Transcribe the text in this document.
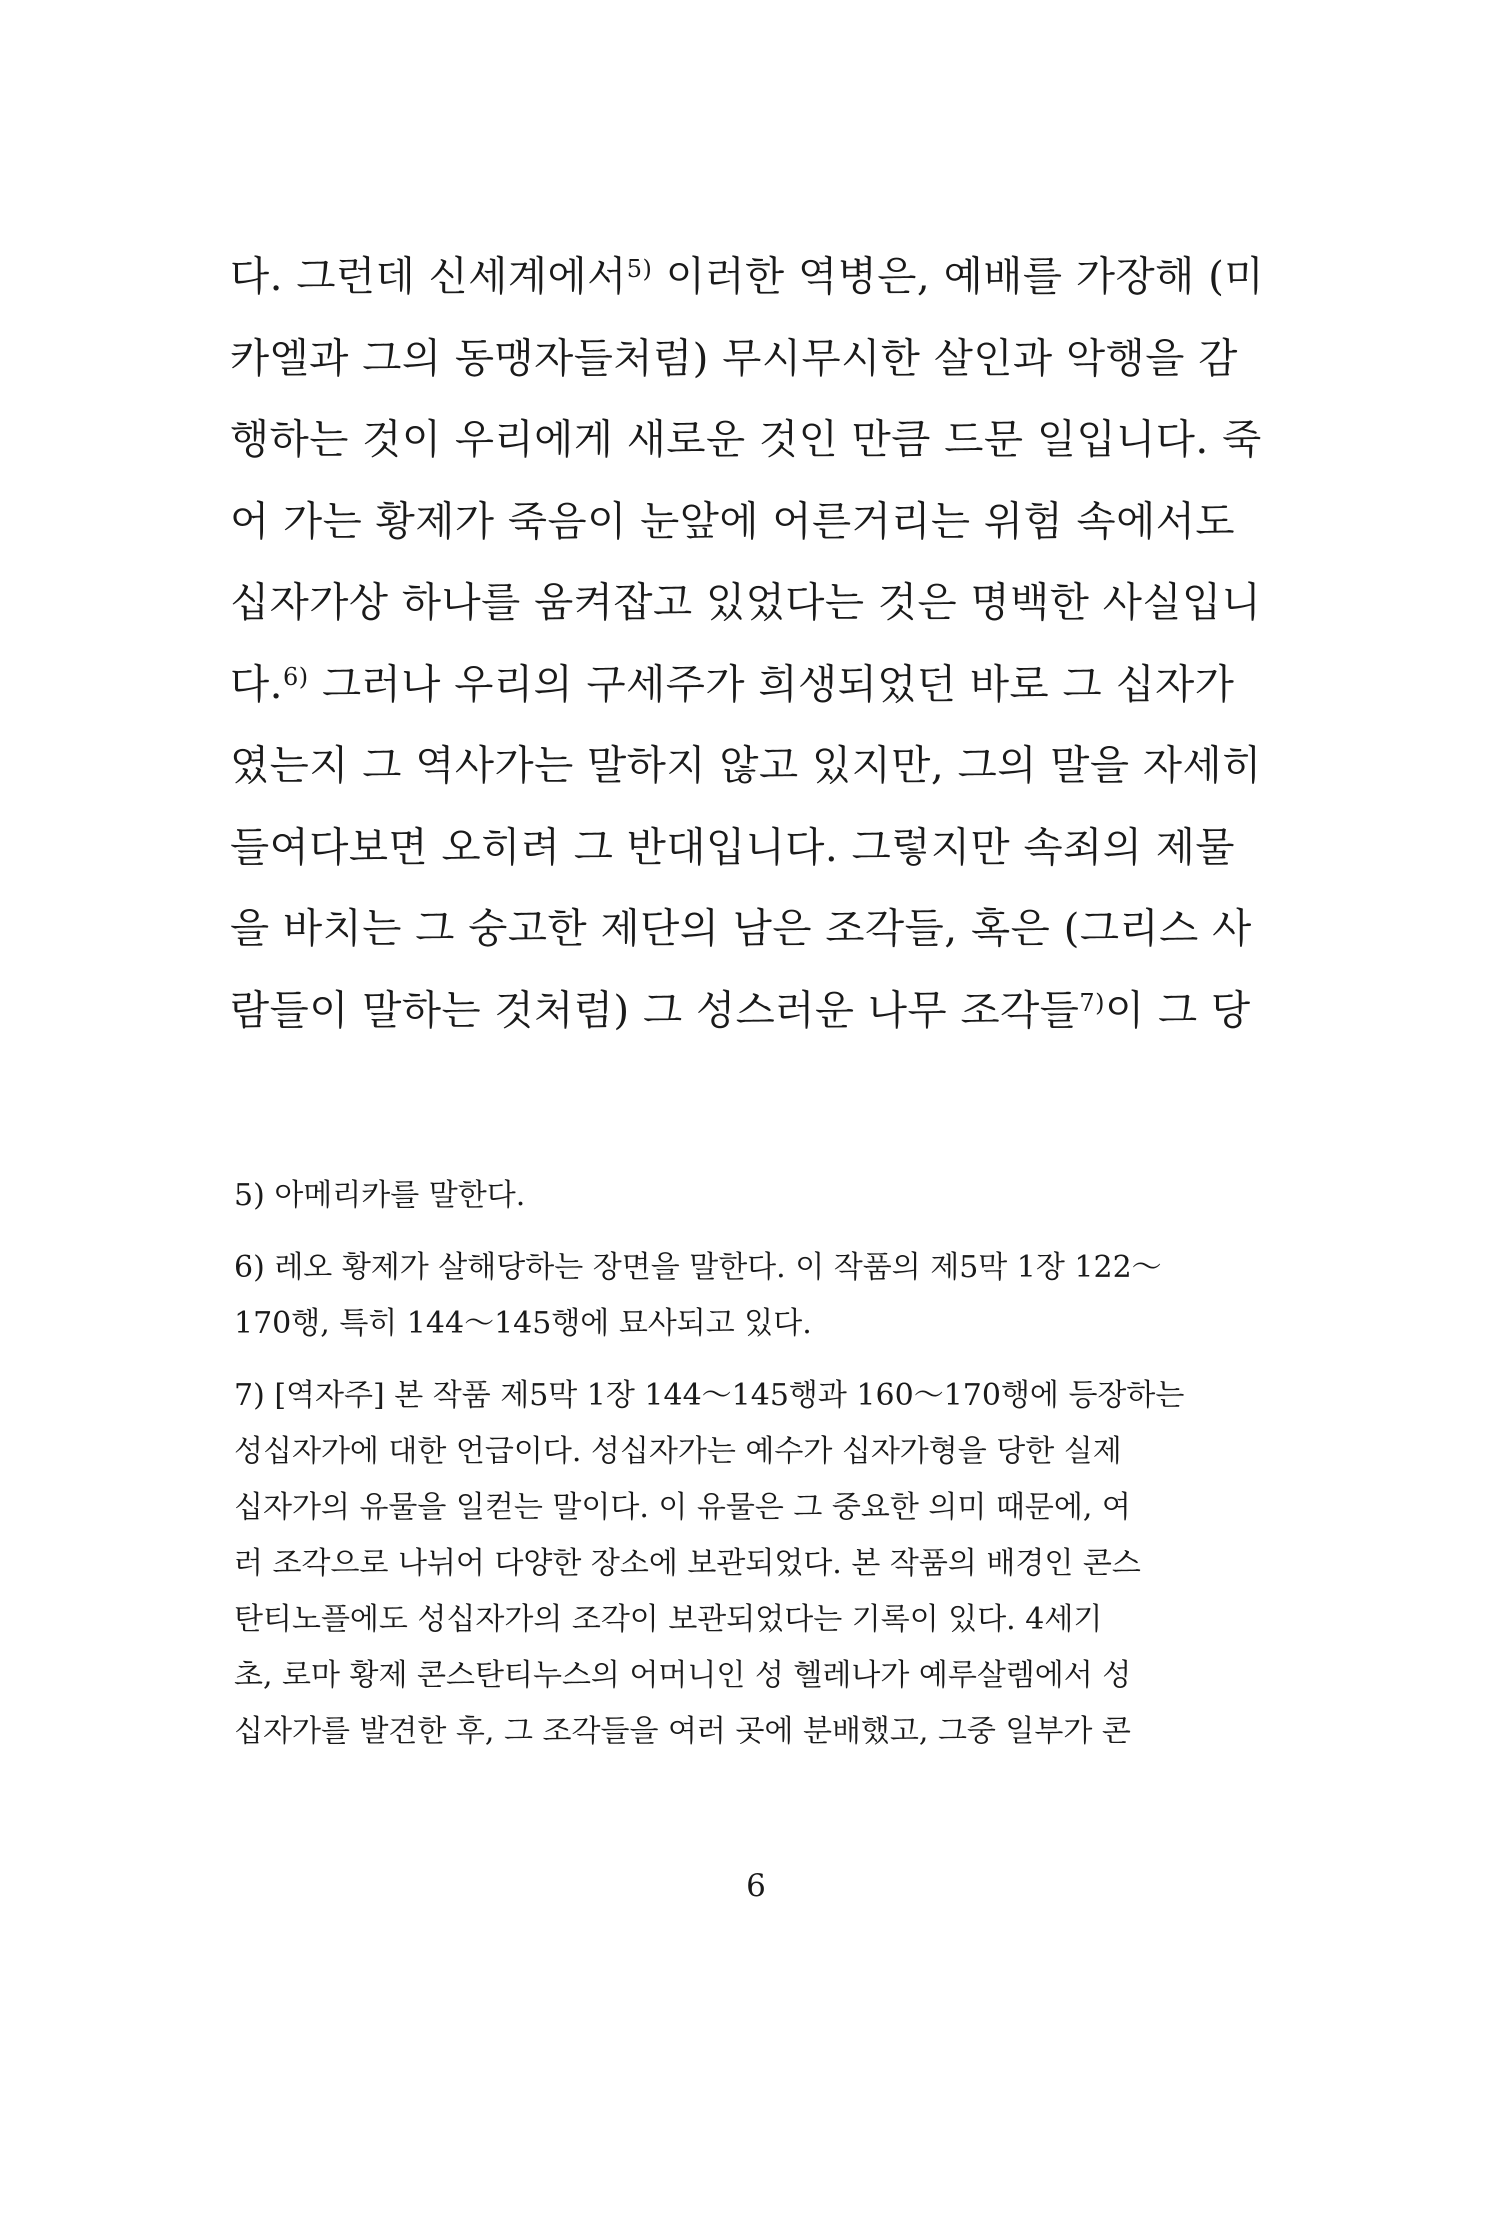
다. 그런데 신세계에서$^{5)}$ 이러한 역병은, 예배를 가장해 (미
카엘과 그의 동맹자들처럼) 무시무시한 살인과 악행을 감
행하는 것이 우리에게 새로운 것인 만큼 드문 일입니다. 죽
어 가는 황제가 죽음이 눈앞에 어른거리는 위험 속에서도
십자가상 하나를 움켜잡고 있었다는 것은 명백한 사실입니
다.$^{6)}$ 그러나 우리의 구세주가 희생되었던 바로 그 십자가
였는지 그 역사가는 말하지 않고 있지만, 그의 말을 자세히
들여다보면 오히려 그 반대입니다. 그렇지만 속죄의 제물
을 바치는 그 숭고한 제단의 남은 조각들, 혹은 (그리스 사
람들이 말하는 것처럼) 그 성스러운 나무 조각들$^{7)}$이 그 당
5) 아메리카를 말한다.
6) 레오 황제가 살해당하는 장면을 말한다. 이 작품의 제5막 1장 122～
170행, 특히 144～145행에 묘사되고 있다.
7) [역자주] 본 작품 제5막 1장 144～145행과 160～170행에 등장하는
성십자가에 대한 언급이다. 성십자가는 예수가 십자가형을 당한 실제
십자가의 유물을 일컫는 말이다. 이 유물은 그 중요한 의미 때문에, 여
러 조각으로 나뉘어 다양한 장소에 보관되었다. 본 작품의 배경인 콘스
탄티노플에도 성십자가의 조각이 보관되었다는 기록이 있다. 4세기
초, 로마 황제 콘스탄티누스의 어머니인 성 헬레나가 예루살렘에서 성
십자가를 발견한 후, 그 조각들을 여러 곳에 분배했고, 그중 일부가 콘
6
